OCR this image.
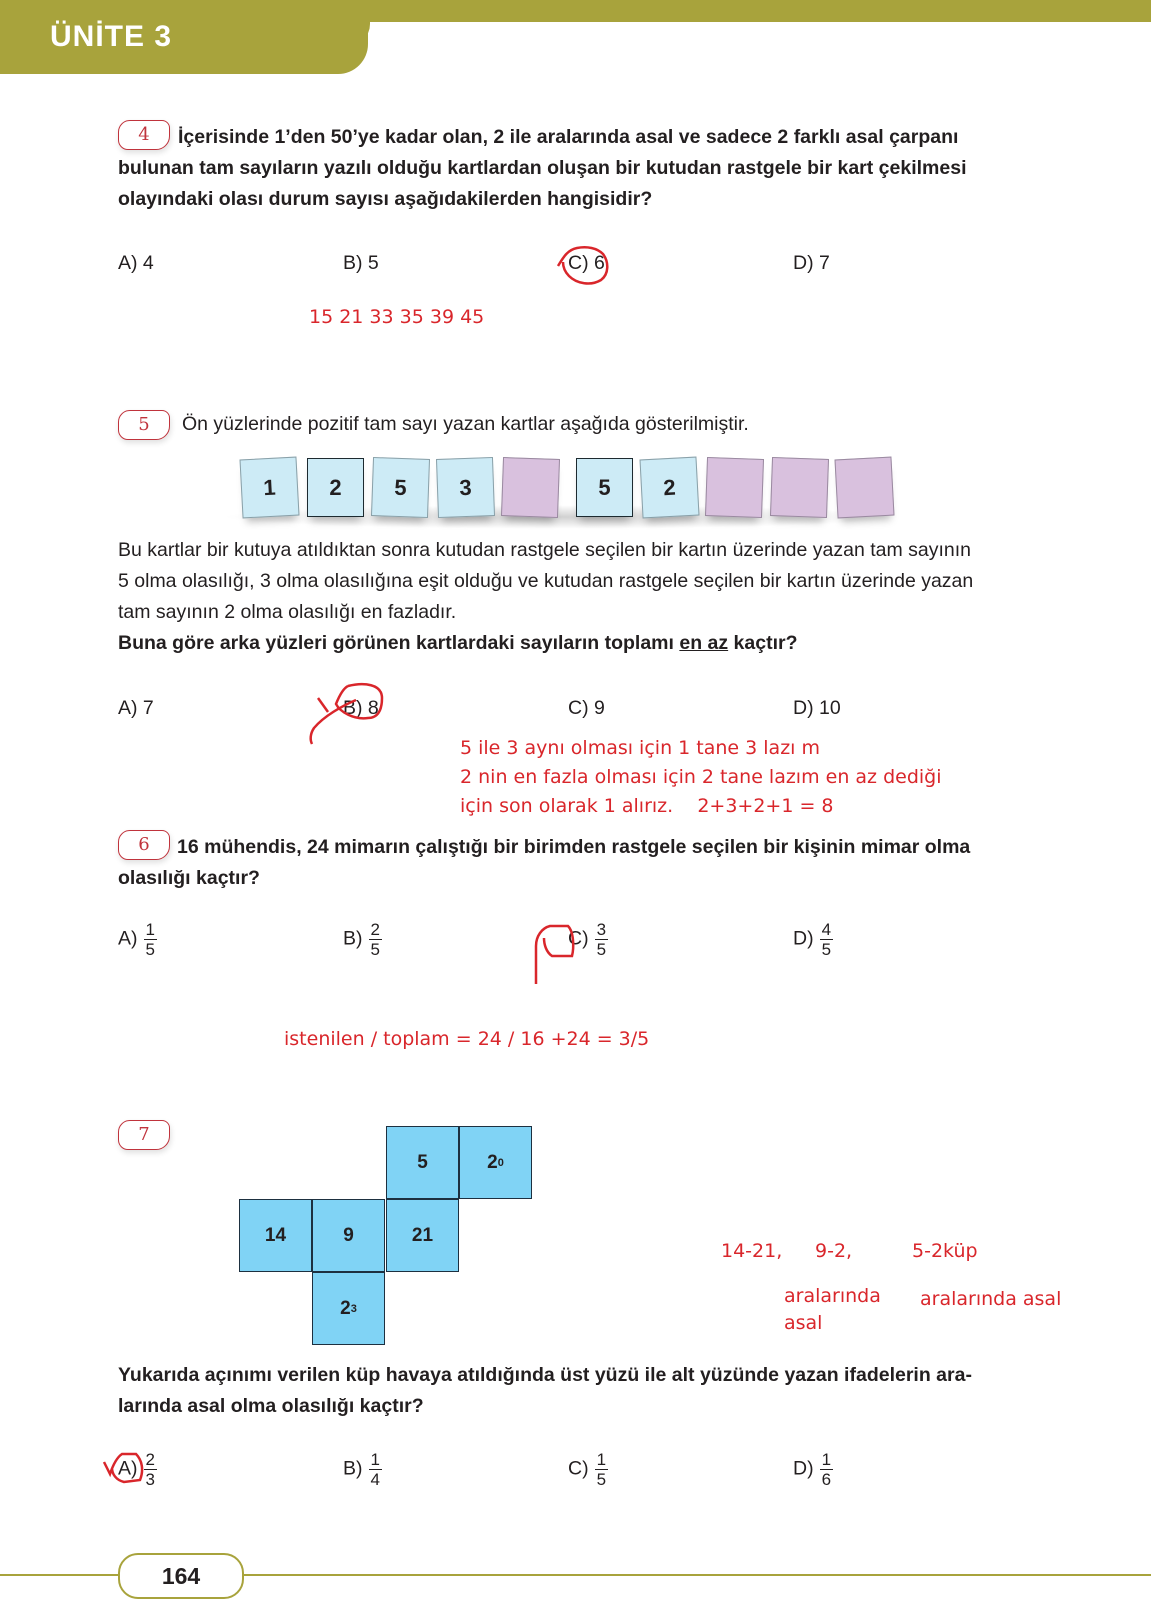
ÜNİTE 3
4	İçerisinde 1’den 50’ye kadar olan, 2 ile aralarında asal ve sadece 2 farklı asal çarpanı
bulunan tam sayıların yazılı olduğu kartlardan oluşan bir kutudan rastgele bir kart çekilmesi
olayındaki olası durum sayısı aşağıdakilerden hangisidir?
A) 4	B) 5	C) 6	D) 7
15 21 33 35 39 45
5	Ön yüzlerinde pozitif tam sayı yazan kartlar aşağıda gösterilmiştir.
1	2	5	3	5	2
Bu kartlar bir kutuya atıldıktan sonra kutudan rastgele seçilen bir kartın üzerinde yazan tam sayının
5 olma olasılığı, 3 olma olasılığına eşit olduğu ve kutudan rastgele seçilen bir kartın üzerinde yazan
tam sayının 2 olma olasılığı en fazladır.
Buna göre arka yüzleri görünen kartlardaki sayıların toplamı en az kaçtır?
A) 7	B) 8	C) 9	D) 10
5 ile 3 aynı olması için 1 tane 3 lazı m
2 nin en fazla olması için 2 tane lazım en az dediği
için son olarak 1 alırız.    2+3+2+1 = 8
6	16 mühendis, 24 mimarın çalıştığı bir birimden rastgele seçilen bir kişinin mimar olma
olasılığı kaçtır?
$A) \frac{1}{5}$	$B) \frac{2}{5}$	$C) \frac{3}{5}$	$D) \frac{4}{5}$
istenilen / toplam = 24 / 16 +24 = 3/5
7
5	2 0
14	9	21
2 3
14-21, 9-2,	5-2küp
aralarında
asal
aralarında asal
Yukarıda açınımı verilen küp havaya atıldığında üst yüzü ile alt yüzünde yazan ifadelerin ara-
larında asal olma olasılığı kaçtır?
$A) \frac{2}{3}$	$B) \frac{1}{4}$	$C) \frac{1}{5}$	$D) \frac{1}{6}$
164
